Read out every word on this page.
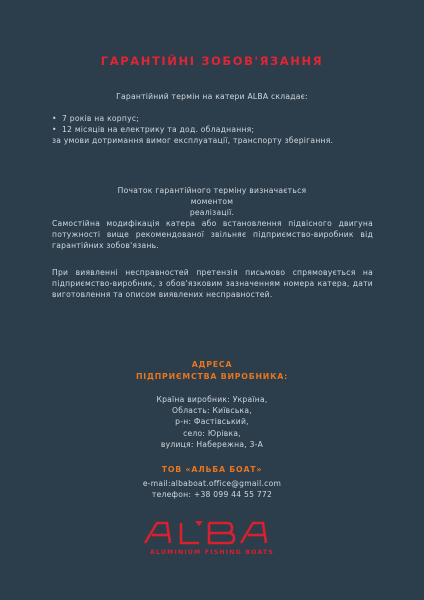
ГАРАНТІЙНІ ЗОБОВ'ЯЗАННЯ
Гарантійний термін на катери ALBA складає:
• 7 років на корпус;
• 12 місяців на електрику та дод. обладнання;
за умови дотримання вимог експлуатації, транспорту зберігання.
Початок гарантійного терміну визначається моментом
реалізації.
Самостійна модифікація катера або встановлення підвісного двигуна потужності вище рекомендованої звільняє підприємство-виробник від гарантійних зобов'язань.
При виявленні несправностей претензія письмово спрямовується на підприємство-виробник, з обов'язковим зазначенням номера катера, дати виготовлення та описом виявлених несправностей.
АДРЕСА
ПІДПРИЄМСТВА ВИРОБНИКА:
Країна виробник: Україна,
Область: Київська,
р-н: Фастівський,
село: Юрівка,
вулиця: Набережна, 3-А
ТОВ «АЛЬБА БОАТ»
e-mail:albaboat.office@gmail.com
телефон: +38 099 44 55 772
ALUMINIUM FISHING BOATS
